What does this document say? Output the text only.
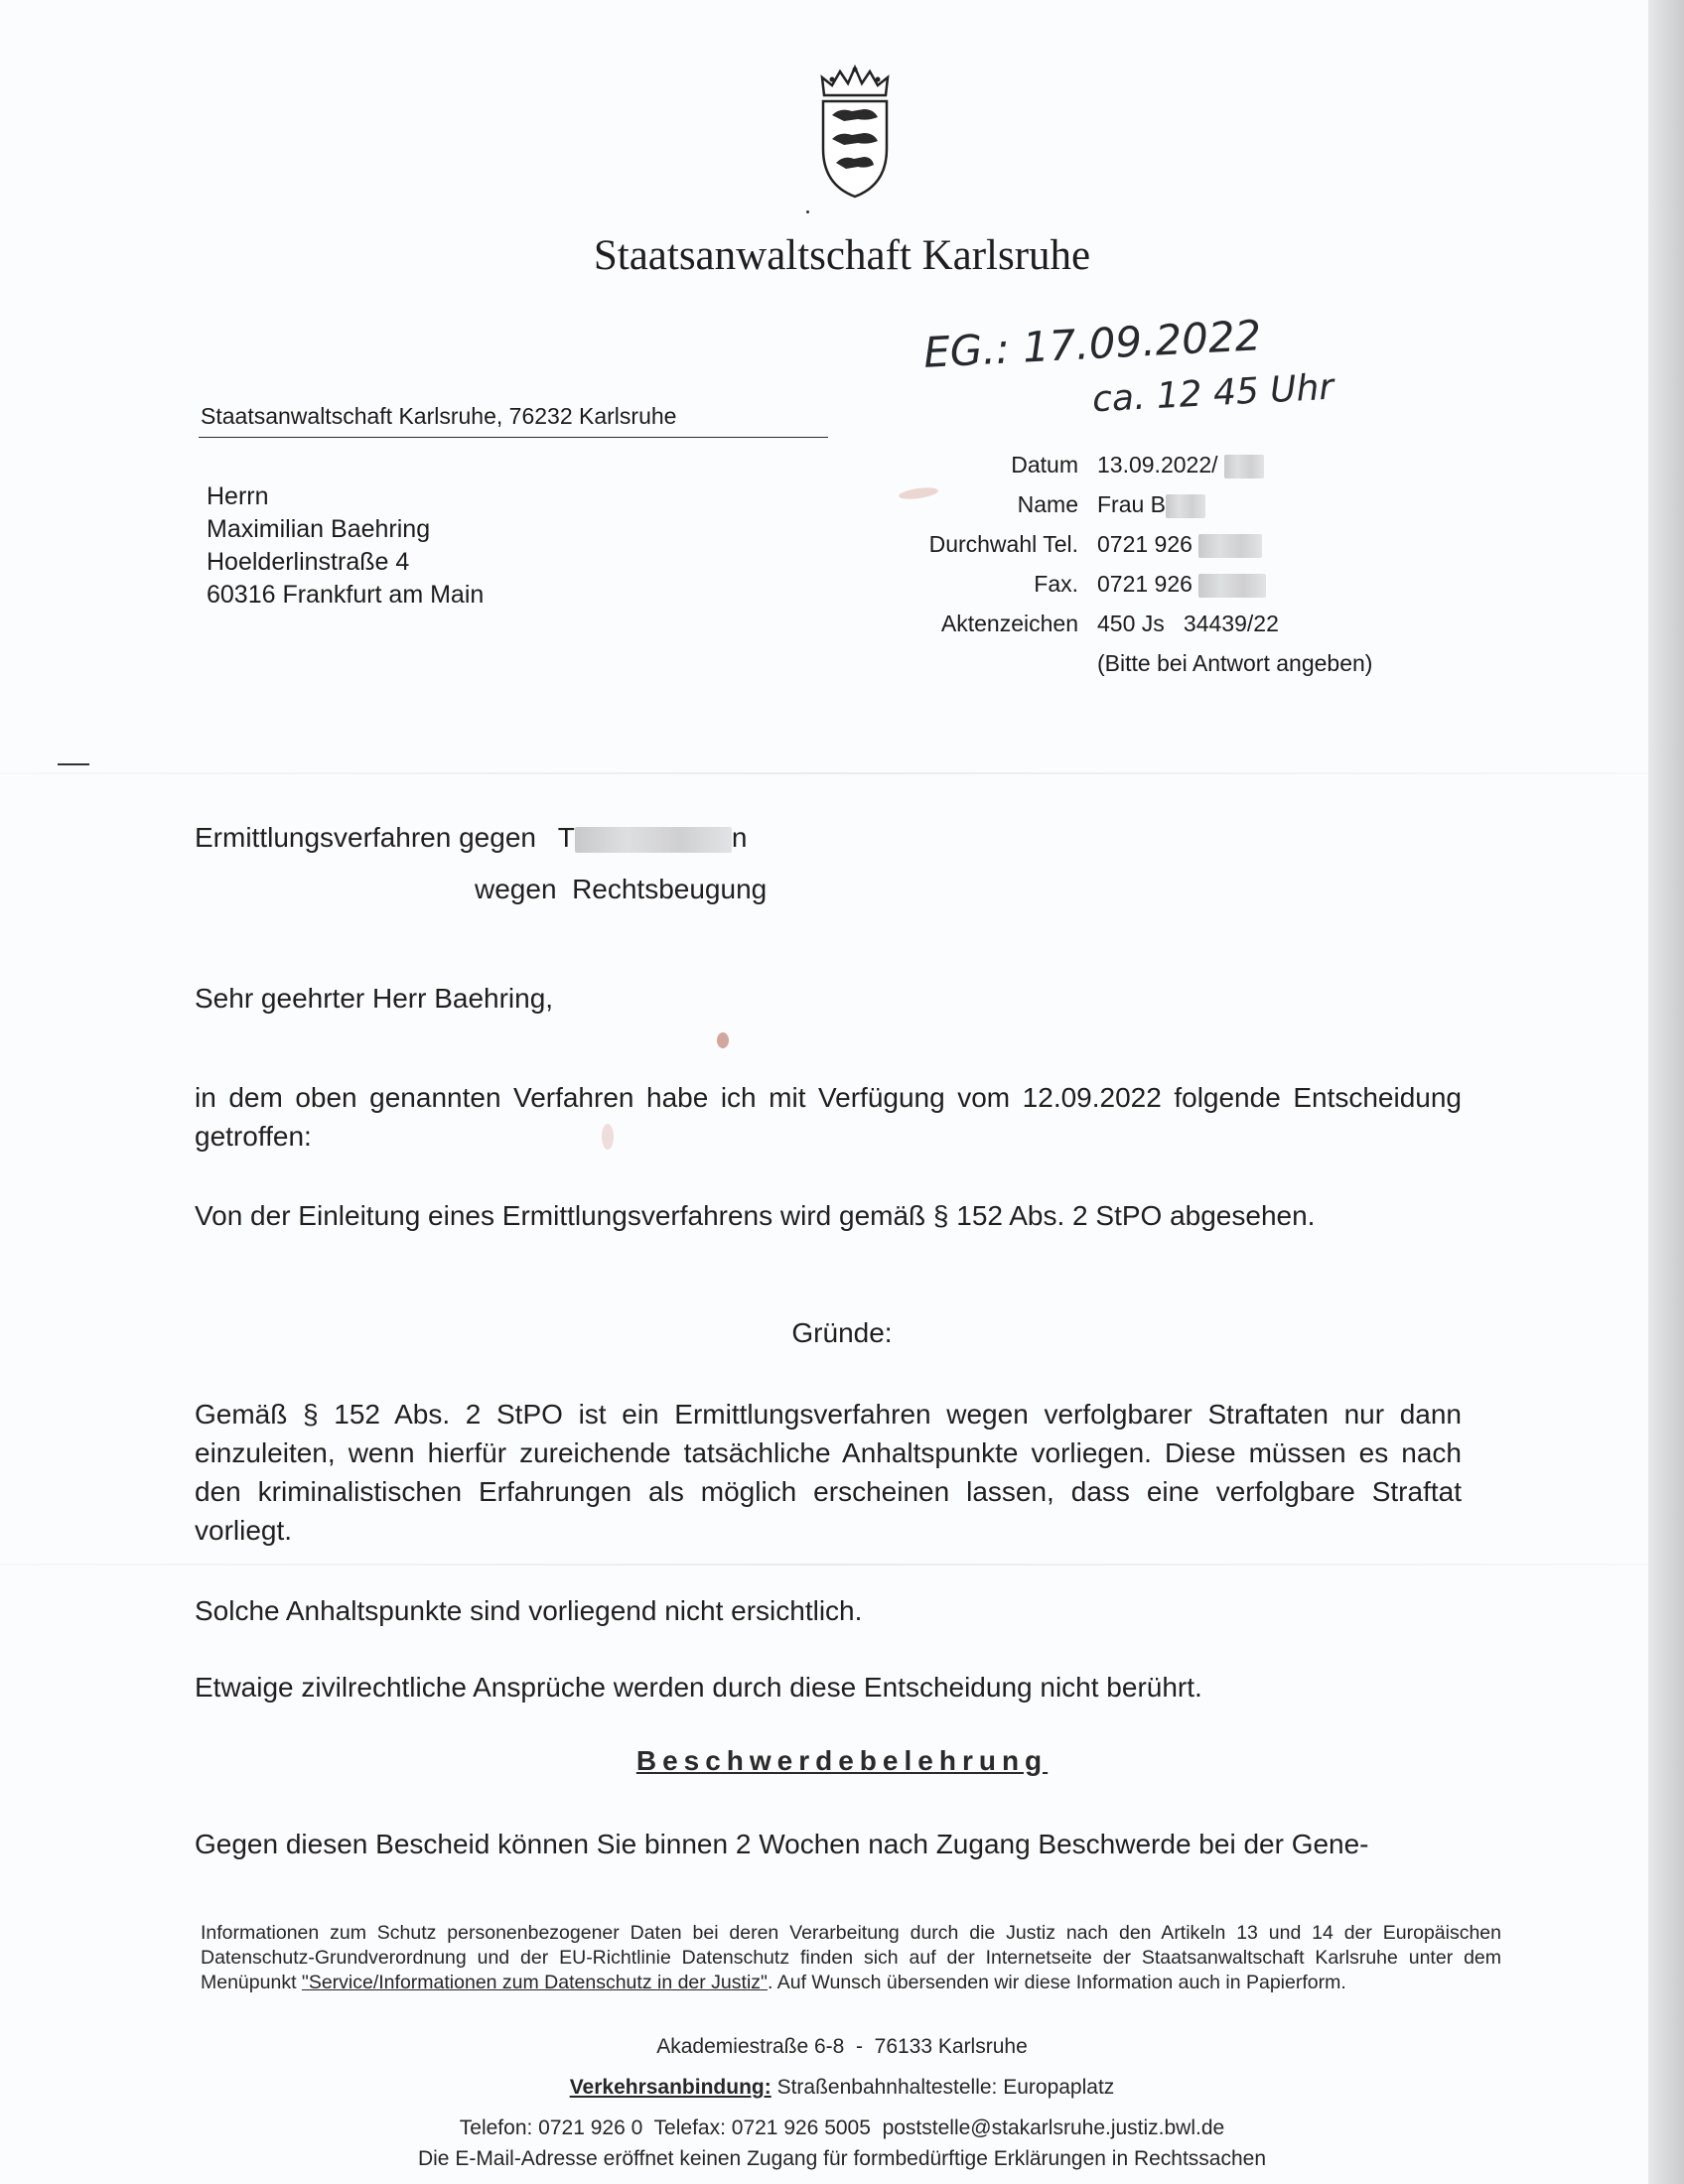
Staatsanwaltschaft Karlsruhe
EG.: 17.09.2022
ca. 12 45 Uhr
Staatsanwaltschaft Karlsruhe, 76232 Karlsruhe
Herrn
Maximilian Baehring
Hoelderlinstraße 4
60316 Frankfurt am Main
Datum
Name
Durchwahl Tel.
Fax.
Aktenzeichen
13.09.2022/
Frau B
0721 926
0721 926
450 Js   34439/22
(Bitte bei Antwort angeben)
Ermittlungsverfahren gegen T	n
wegen  Rechtsbeugung
Sehr geehrter Herr Baehring,
in dem oben genannten Verfahren habe ich mit Verfügung vom 12.09.2022 folgende Entscheidung getroffen:
Von der Einleitung eines Ermittlungsverfahrens wird gemäß § 152 Abs. 2 StPO abgesehen.
Gründe:
Gemäß § 152 Abs. 2 StPO ist ein Ermittlungsverfahren wegen verfolgbarer Straftaten nur dann einzuleiten, wenn hierfür zureichende tatsächliche Anhaltspunkte vorliegen. Diese müssen es nach den kriminalistischen Erfahrungen als möglich erscheinen lassen, dass eine verfolgbare Straftat vorliegt.
Solche Anhaltspunkte sind vorliegend nicht ersichtlich.
Etwaige zivilrechtliche Ansprüche werden durch diese Entscheidung nicht berührt.
Beschwerdebelehrung
Gegen diesen Bescheid können Sie binnen 2 Wochen nach Zugang Beschwerde bei der Gene-
Informationen zum Schutz personenbezogener Daten bei deren Verarbeitung durch die Justiz nach den Artikeln 13 und 14 der Europäischen Datenschutz-Grundverordnung und der EU-Richtlinie Datenschutz finden sich auf der Internetseite der Staatsanwaltschaft Karlsruhe unter dem Menüpunkt "Service/Informationen zum Datenschutz in der Justiz". Auf Wunsch übersenden wir diese Information auch in Papierform.
Akademiestraße 6-8  -  76133 Karlsruhe
Verkehrsanbindung: Straßenbahnhaltestelle: Europaplatz
Telefon: 0721 926 0  Telefax: 0721 926 5005  poststelle@stakarlsruhe.justiz.bwl.de
Die E-Mail-Adresse eröffnet keinen Zugang für formbedürftige Erklärungen in Rechtssachen
